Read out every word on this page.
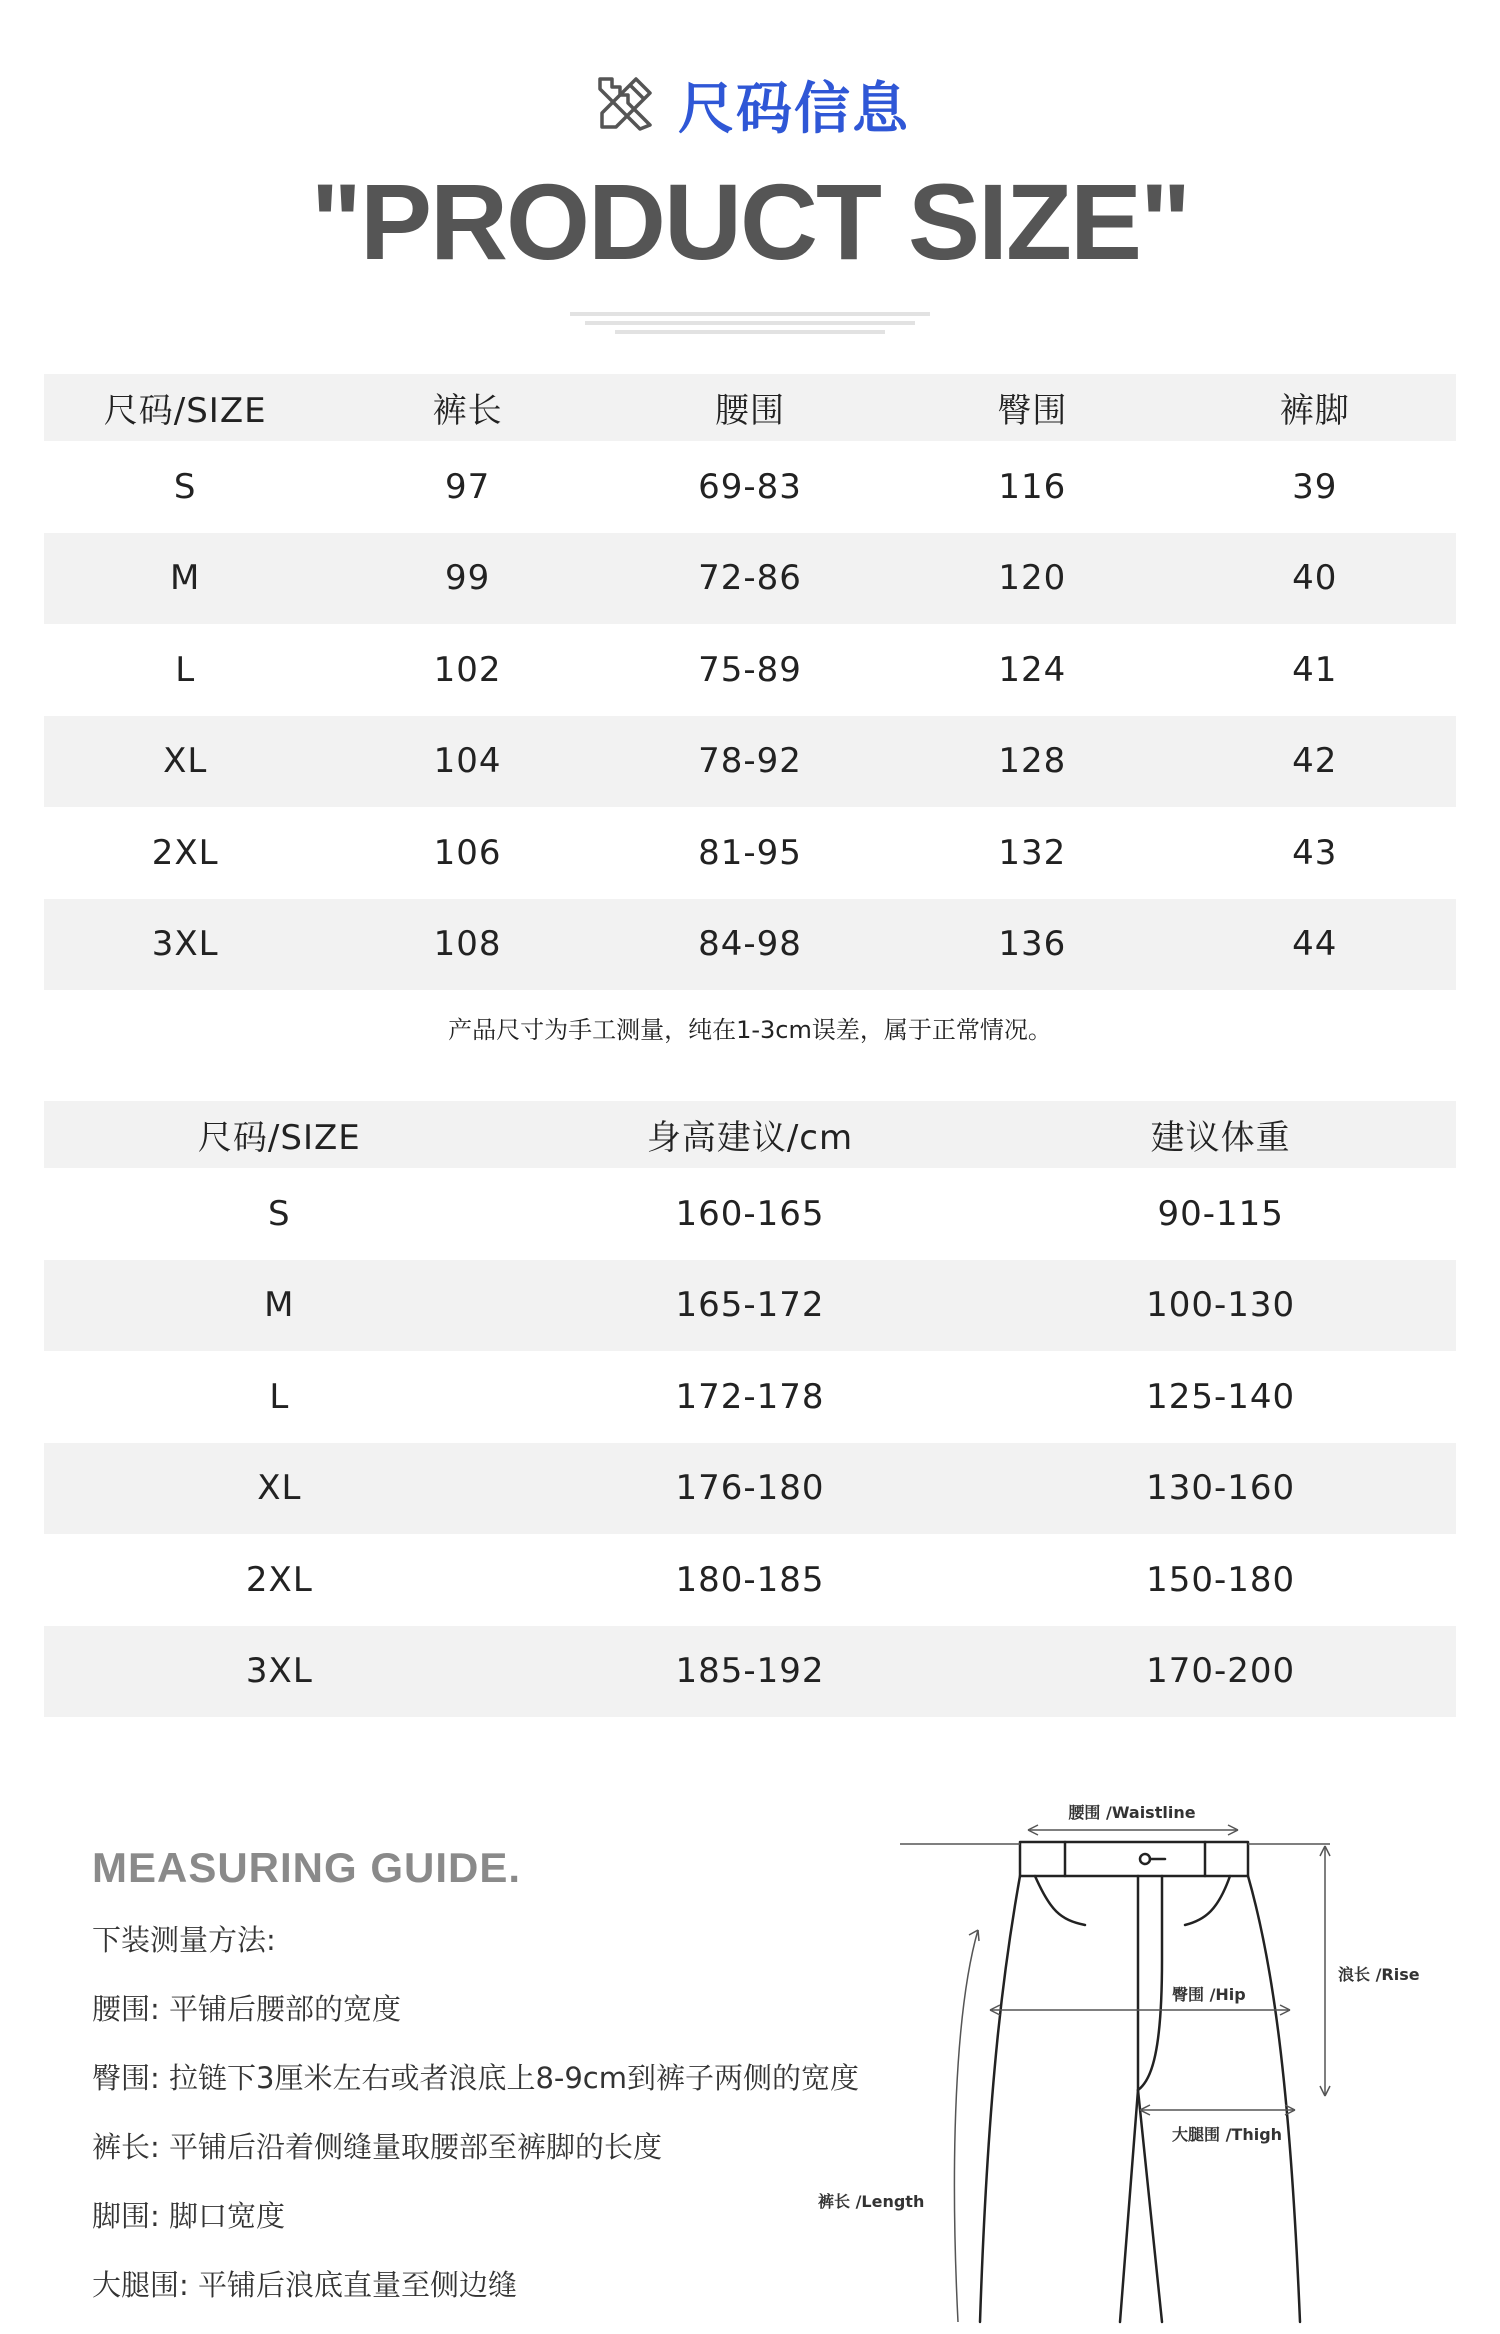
尺码信息
"PRODUCT SIZE"
尺码/SIZE	裤长	腰围	臀围	裤脚
S	97	69-83	116	39
M	99	72-86	120	40
L	102	75-89	124	41
XL	104	78-92	128	42
2XL	106	81-95	132	43
3XL	108	84-98	136	44
产品尺寸为手工测量，纯在1-3cm误差，属于正常情况。
尺码/SIZE	身高建议/cm	建议体重
S	160-165	90-115
M	165-172	100-130
L	172-178	125-140
XL	176-180	130-160
2XL	180-185	150-180
3XL	185-192	170-200
MEASURING GUIDE.
下装测量方法:
腰围: 平铺后腰部的宽度
臀围: 拉链下3厘米左右或者浪底上8-9cm到裤子两侧的宽度
裤长: 平铺后沿着侧缝量取腰部至裤脚的长度
脚围: 脚口宽度
大腿围: 平铺后浪底直量至侧边缝
腰围 /Waistline
浪长 /Rise
臀围 /Hip
大腿围 /Thigh
裤长 /Length
